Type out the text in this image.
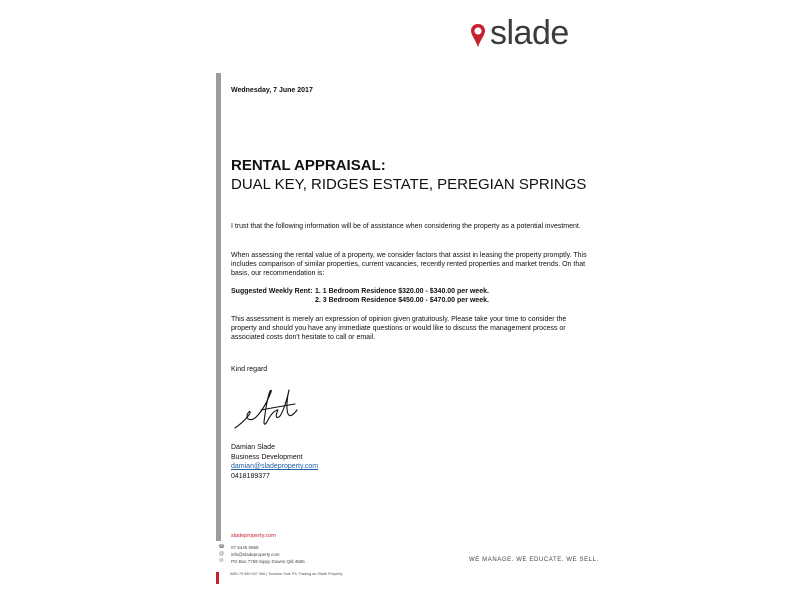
slade
Wednesday, 7 June 2017
RENTAL APPRAISAL:
DUAL KEY, RIDGES ESTATE, PEREGIAN SPRINGS

I trust that the following information will be of assistance when considering the property as a potential investment.

When assessing the rental value of a property, we consider factors that assist in leasing the property promptly. This includes comparison of similar properties, current vacancies, recently rented properties and market trends. On that basis, our recommendation is:

Suggested Weekly Rent: 1. 1 Bedroom Residence $320.00 - $340.00 per week.
2. 3 Bedroom Residence $450.00 - $470.00 per week.

This assessment is merely an expression of opinion given gratuitously. Please take your time to consider the property and should you have any immediate questions or would like to discuss the management process or associated costs don't hesitate to call or email.

Kind regard
Damian Slade
Business Development
damian@sladeproperty.com
0418189377
sladeproperty.com
☎ 07 5445 5969
@ info@sladeproperty.com
✉	PO Box 7769 Sippy Downs Qld 4556
ABN 79 559 007 966 | Toowine Sole P/L Trading as Slade Property
WE MANAGE. WE EDUCATE. WE SELL.
